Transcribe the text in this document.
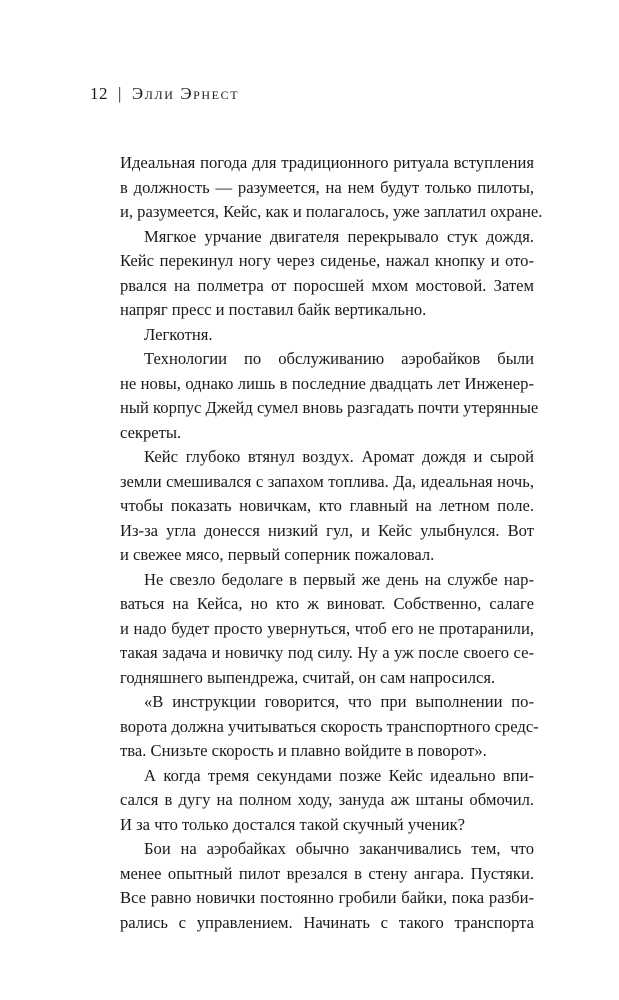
12 | Элли Эрнест
Идеальная погода для традиционного ритуала вступления
в должность — разумеется, на нем будут только пилоты,
и, разумеется, Кейс, как и полагалось, уже заплатил охране.
Мягкое урчание двигателя перекрывало стук дождя.
Кейс перекинул ногу через сиденье, нажал кнопку и ото-
рвался на полметра от поросшей мхом мостовой. Затем
напряг пресс и поставил байк вертикально.
Легкотня.
Технологии по обслуживанию аэробайков были
не новы, однако лишь в последние двадцать лет Инженер-
ный корпус Джейд сумел вновь разгадать почти утерянные
секреты.
Кейс глубоко втянул воздух. Аромат дождя и сырой
земли смешивался с запахом топлива. Да, идеальная ночь,
чтобы показать новичкам, кто главный на летном поле.
Из-за угла донесся низкий гул, и Кейс улыбнулся. Вот
и свежее мясо, первый соперник пожаловал.
Не свезло бедолаге в первый же день на службе нар-
ваться на Кейса, но кто ж виноват. Собственно, салаге
и надо будет просто увернуться, чтоб его не протаранили,
такая задача и новичку под силу. Ну а уж после своего се-
годняшнего выпендрежа, считай, он сам напросился.
«В инструкции говорится, что при выполнении по-
ворота должна учитываться скорость транспортного средс-
тва. Снизьте скорость и плавно войдите в поворот».
А когда тремя секундами позже Кейс идеально впи-
сался в дугу на полном ходу, зануда аж штаны обмочил.
И за что только достался такой скучный ученик?
Бои на аэробайках обычно заканчивались тем, что
менее опытный пилот врезался в стену ангара. Пустяки.
Все равно новички постоянно гробили байки, пока разби-
рались с управлением. Начинать с такого транспорта
